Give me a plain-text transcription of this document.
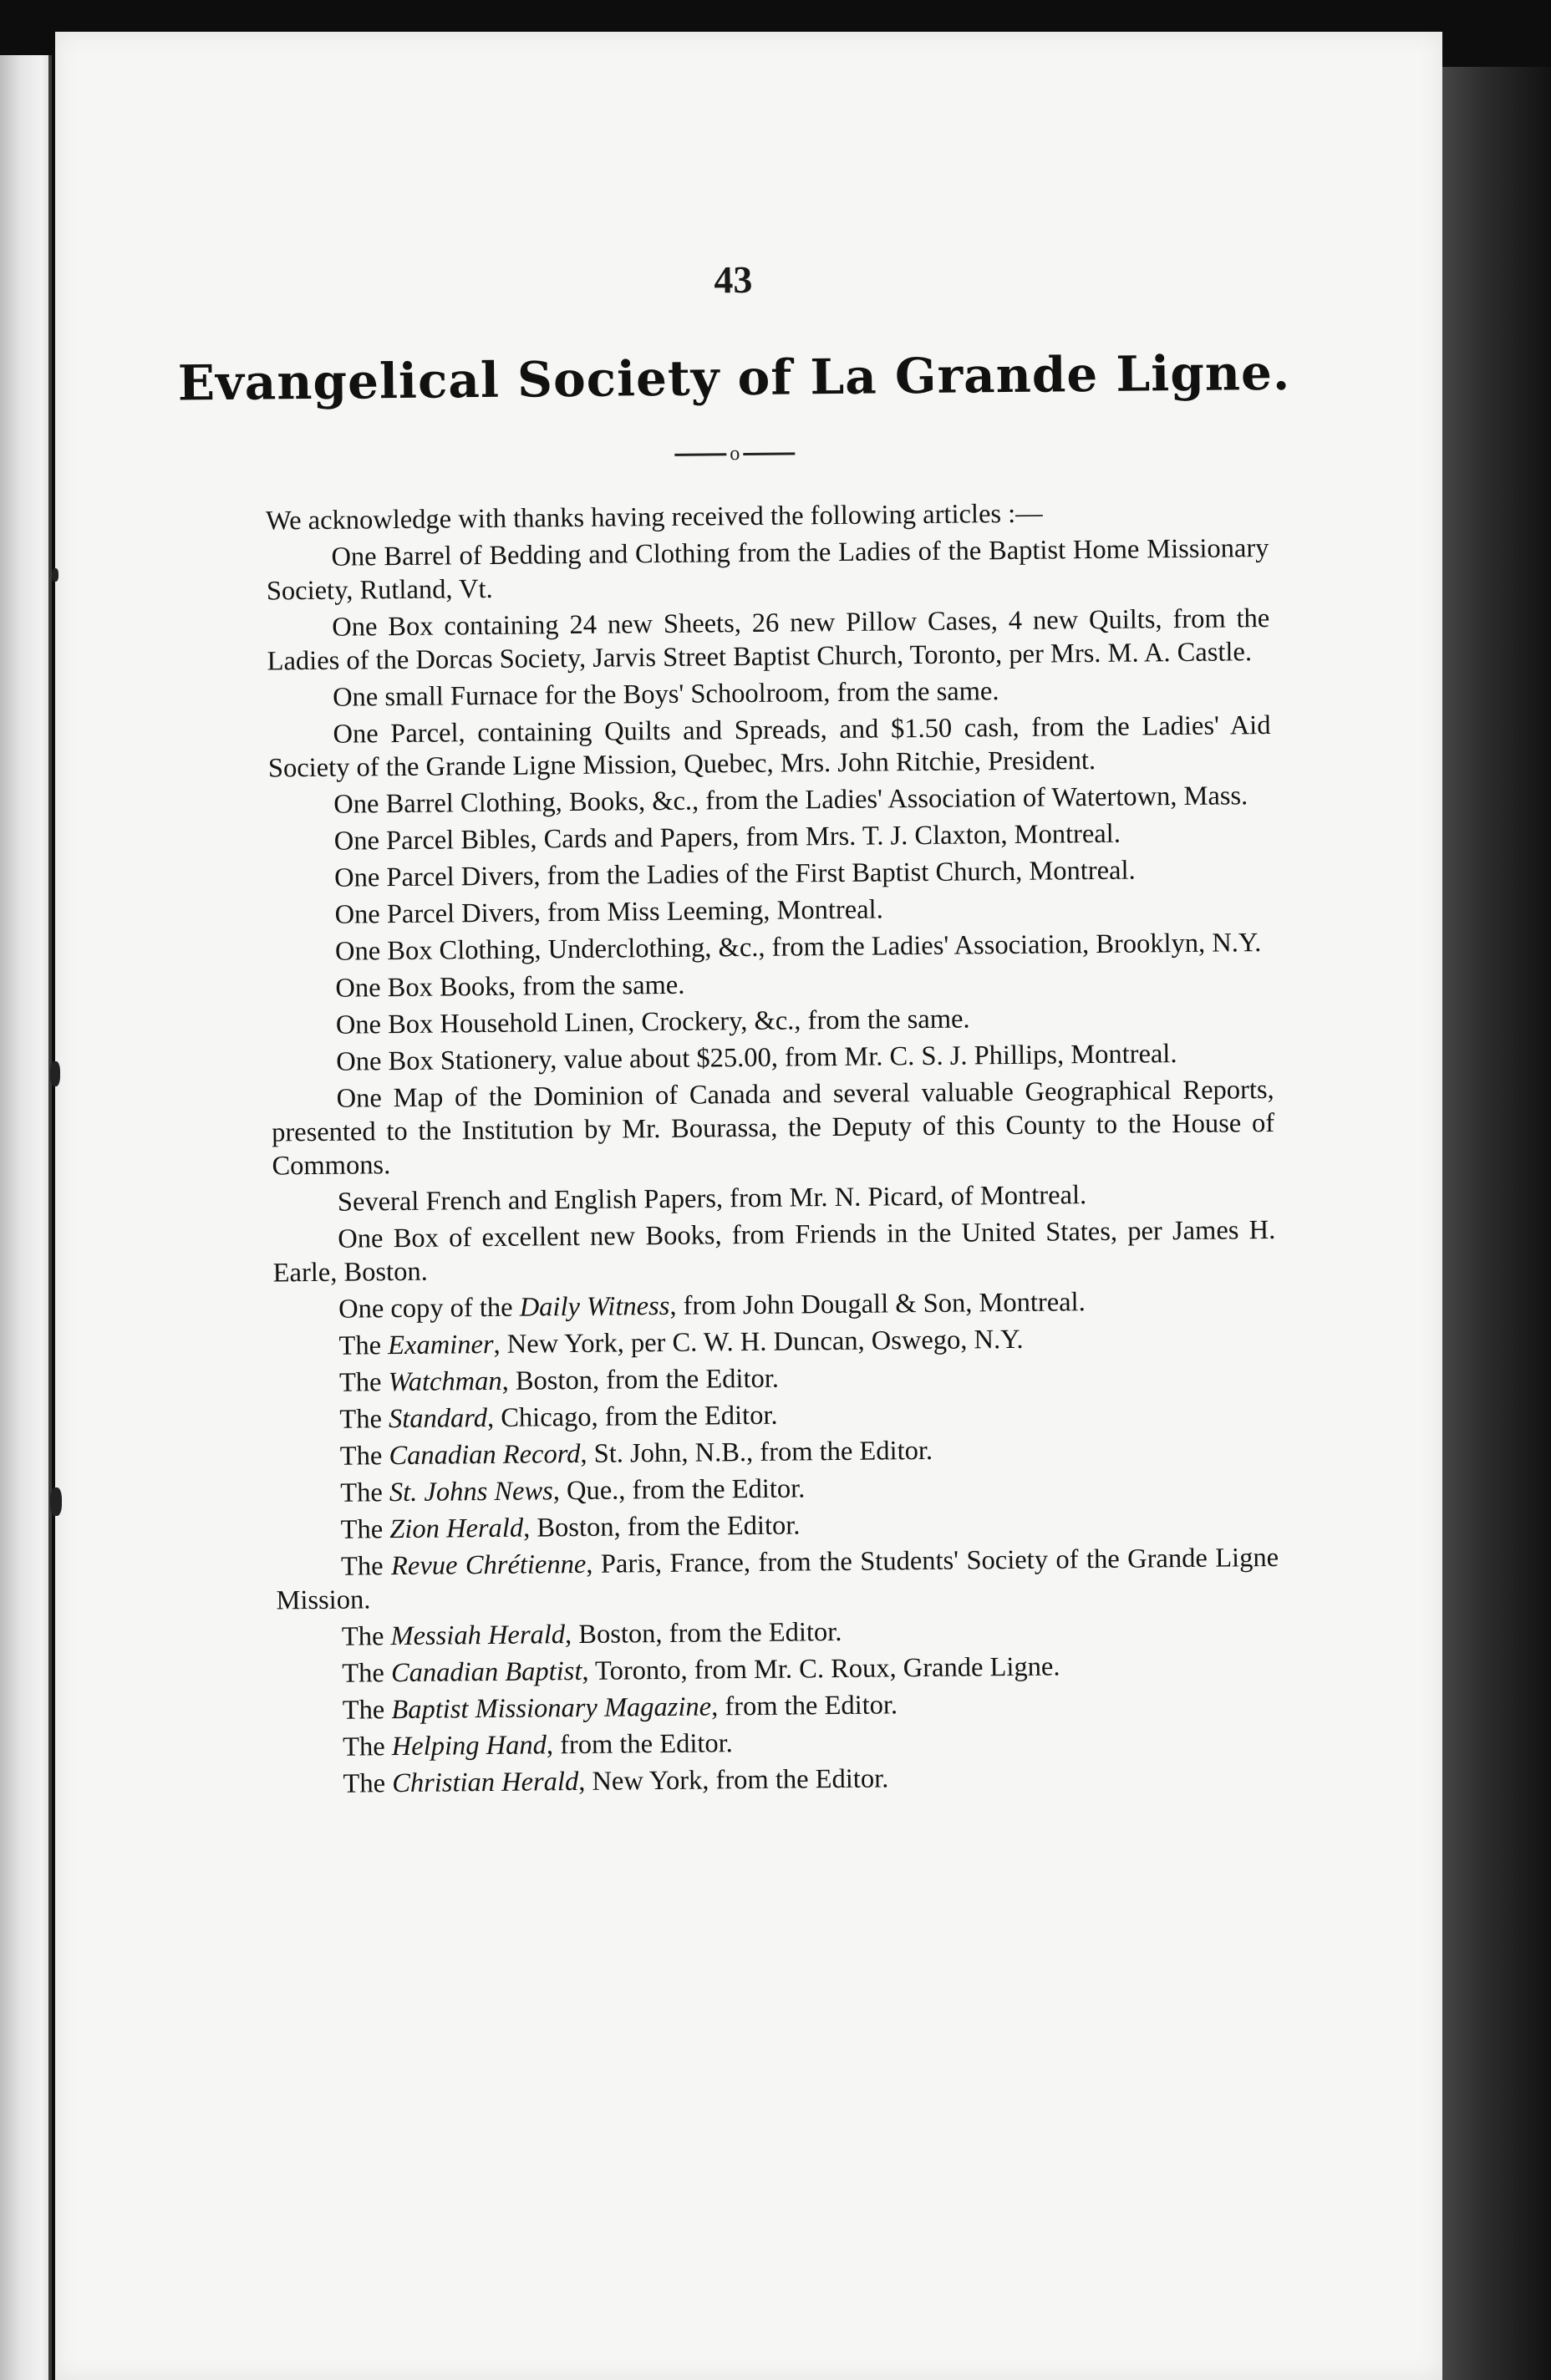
43
Evangelical Society of La Grande Ligne.
o

We acknowledge with thanks having received the following articles :—

One Barrel of Bedding and Clothing from the Ladies of the Baptist Home Missionary Society, Rutland, Vt.

One Box containing 24 new Sheets, 26 new Pillow Cases, 4 new Quilts, from the Ladies of the Dorcas Society, Jarvis Street Baptist Church, Toronto, per Mrs. M. A. Castle.

One small Furnace for the Boys' Schoolroom, from the same.

One Parcel, containing Quilts and Spreads, and $1.50 cash, from the Ladies' Aid Society of the Grande Ligne Mission, Quebec, Mrs. John Ritchie, President.

One Barrel Clothing, Books, &c., from the Ladies' Association of Watertown, Mass.

One Parcel Bibles, Cards and Papers, from Mrs. T. J. Claxton, Montreal.

One Parcel Divers, from the Ladies of the First Baptist Church, Montreal.

One Parcel Divers, from Miss Leeming, Montreal.

One Box Clothing, Underclothing, &c., from the Ladies' Association, Brooklyn, N.Y.

One Box Books, from the same.

One Box Household Linen, Crockery, &c., from the same.

One Box Stationery, value about $25.00, from Mr. C. S. J. Phillips, Montreal.

One Map of the Dominion of Canada and several valuable Geographical Reports, presented to the Institution by Mr. Bourassa, the Deputy of this County to the House of Commons.

Several French and English Papers, from Mr. N. Picard, of Montreal.

One Box of excellent new Books, from Friends in the United States, per James H. Earle, Boston.

One copy of the Daily Witness, from John Dougall & Son, Montreal.

The Examiner, New York, per C. W. H. Duncan, Oswego, N.Y.

The Watchman, Boston, from the Editor.

The Standard, Chicago, from the Editor.

The Canadian Record, St. John, N.B., from the Editor.

The St. Johns News, Que., from the Editor.

The Zion Herald, Boston, from the Editor.

The Revue Chrétienne, Paris, France, from the Students' Society of the Grande Ligne Mission.

The Messiah Herald, Boston, from the Editor.

The Canadian Baptist, Toronto, from Mr. C. Roux, Grande Ligne.

The Baptist Missionary Magazine, from the Editor.

The Helping Hand, from the Editor.

The Christian Herald, New York, from the Editor.
